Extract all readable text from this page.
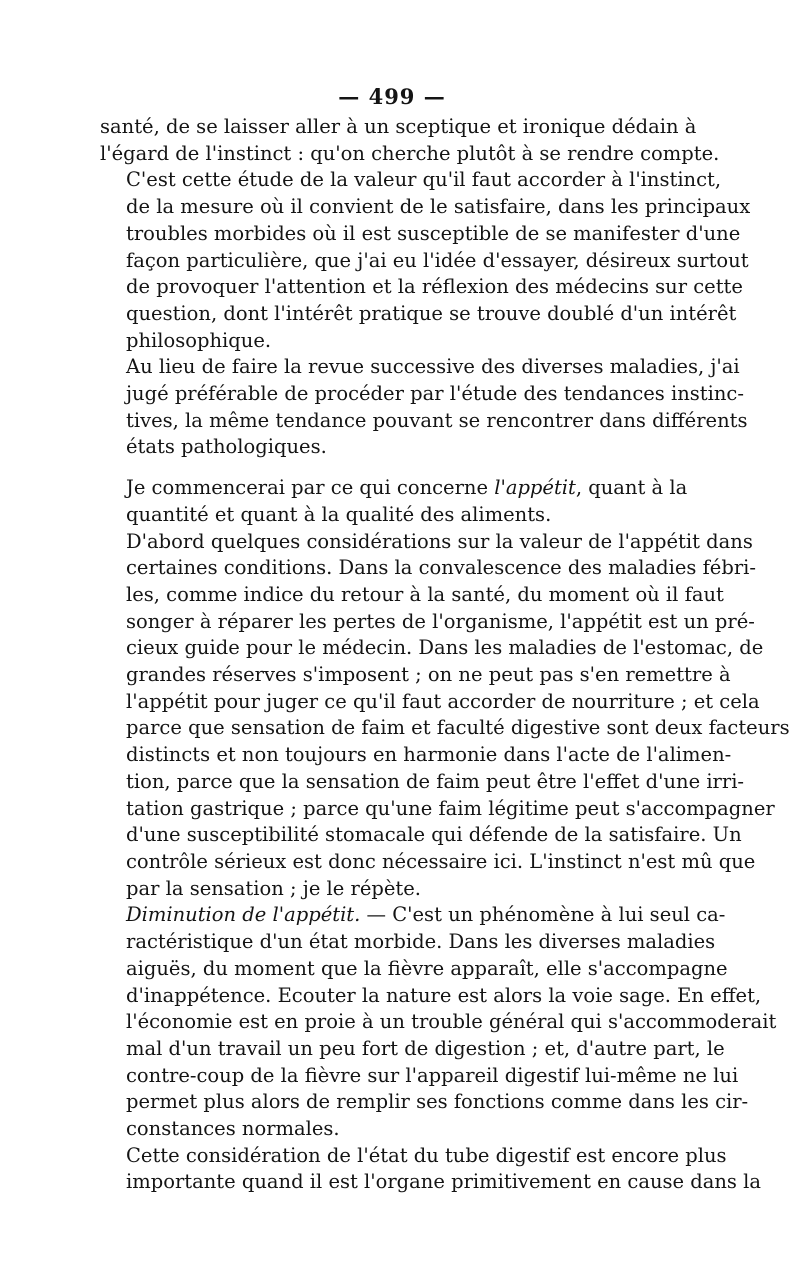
— 499 —

santé, de se laisser aller à un sceptique et ironique dédain à
l'égard de l'instinct : qu'on cherche plutôt à se rendre compte.

C'est cette étude de la valeur qu'il faut accorder à l'instinct,
de la mesure où il convient de le satisfaire, dans les principaux
troubles morbides où il est susceptible de se manifester d'une
façon particulière, que j'ai eu l'idée d'essayer, désireux surtout
de provoquer l'attention et la réflexion des médecins sur cette
question, dont l'intérêt pratique se trouve doublé d'un intérêt
philosophique.

Au lieu de faire la revue successive des diverses maladies, j'ai
jugé préférable de procéder par l'étude des tendances instinc-
tives, la même tendance pouvant se rencontrer dans différents
états pathologiques.

Je commencerai par ce qui concerne l'appétit, quant à la
quantité et quant à la qualité des aliments.

D'abord quelques considérations sur la valeur de l'appétit dans
certaines conditions. Dans la convalescence des maladies fébri-
les, comme indice du retour à la santé, du moment où il faut
songer à réparer les pertes de l'organisme, l'appétit est un pré-
cieux guide pour le médecin. Dans les maladies de l'estomac, de
grandes réserves s'imposent ; on ne peut pas s'en remettre à
l'appétit pour juger ce qu'il faut accorder de nourriture ; et cela
parce que sensation de faim et faculté digestive sont deux facteurs
distincts et non toujours en harmonie dans l'acte de l'alimen-
tion, parce que la sensation de faim peut être l'effet d'une irri-
tation gastrique ; parce qu'une faim légitime peut s'accompagner
d'une susceptibilité stomacale qui défende de la satisfaire. Un
contrôle sérieux est donc nécessaire ici. L'instinct n'est mû que
par la sensation ; je le répète.

Diminution de l'appétit. — C'est un phénomène à lui seul ca-
ractéristique d'un état morbide. Dans les diverses maladies
aiguës, du moment que la fièvre apparaît, elle s'accompagne
d'inappétence. Ecouter la nature est alors la voie sage. En effet,
l'économie est en proie à un trouble général qui s'accommoderait
mal d'un travail un peu fort de digestion ; et, d'autre part, le
contre-coup de la fièvre sur l'appareil digestif lui-même ne lui
permet plus alors de remplir ses fonctions comme dans les cir-
constances normales.

Cette considération de l'état du tube digestif est encore plus
importante quand il est l'organe primitivement en cause dans la
